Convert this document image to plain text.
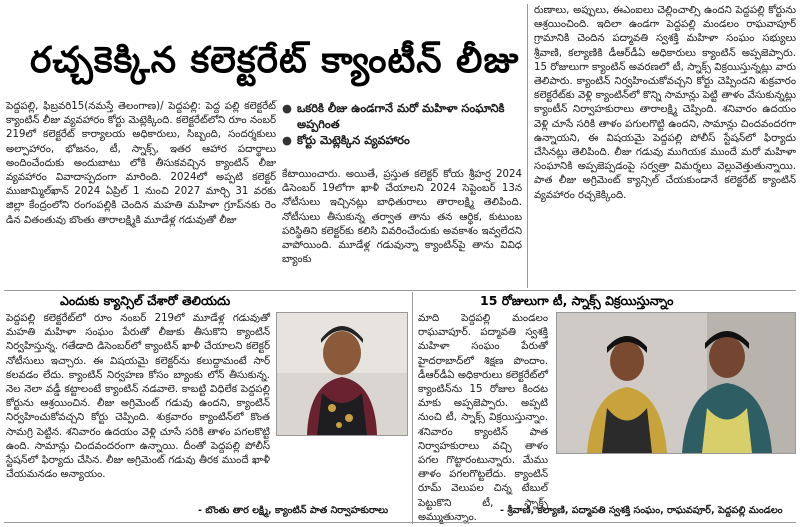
రచ్చకెక్కిన కలెక్టరేట్ క్యాంటీన్ లీజు
● ఒకరికి లీజు ఉండగానే మరో మహిళా సంఘానికి అప్పగింత
● కోర్టు మెట్లెక్కిన వ్యవహారం

పెద్దపల్లి, ఫిబ్రవరి15(నమస్తే తెలంగాణ)/ పెద్దపల్లి: పెద్ద పల్లి కలెక్టరేట్ క్యాంటిన్ లీజు వ్యవహారం కోర్టు మెట్లెక్కింది. కలెక్టరేట్‌లోని రూం నంబర్ 219లో కలెక్టరేట్ కార్యాలయ అధికారులు, సిబ్బంది, సందర్శకులు అల్పాహారం, భోజనం, టీ, స్నాక్స్, ఇతర ఆహార పదార్థాలు అందించేందుకు అందుబాటు లోకి తీసుకవచ్చిన క్యాంటిన్ లీజు వ్యవహారం వివాదాస్పదంగా మారింది. 2024లో అప్పటి కలెక్టర్ ముజామ్మిల్‌ఖాన్ 2024 ఏప్రిల్ 1 నుంచి 2027 మార్చి 31 వరకు జిల్లా కేంద్రంలోని రంగంపల్లికి చెందిన మహతి మహిళా గ్రూప్‌నకు రెం డిన వితంతువు బొంతు తారాలక్ష్మికి మూడేళ్ల గడువుతో లీజు

కేటాయించారు. అయితే, ప్రస్తుత కలెక్టర్ కోయ శ్రీహర్ష 2024 డిసెంబర్ 19లోగా ఖాళీ చేయాలని 2024 సెప్టెంబర్ 13న నోటీసులు ఇచ్చినట్లు బాధితురాలు తారాలక్ష్మి తెలిపింది. నోటీసులు తీసుకున్న తర్వాత తాను తన ఆర్థిక, కుటుంబ పరిస్థితిని కలెక్టర్‌కు కలిసి వివరించేందుకు అవకాశం ఇవ్వలేదని వాపోయింది. మూడేళ్ల గడువున్నా క్యాంటిన్‌పై తాను వివిధ బ్యాంకు

రుణాలు, అప్పులు, ఈఎంఐలు చెల్లించాల్సి ఉందని పెద్దపల్లి కోర్టును ఆశ్రయించింది. ఇదిలా ఉండగా పెద్దపల్లి మండలం రాఘవాపూర్ గ్రామానికి చెందిన పద్మావతి స్వశక్తి మహిళా సంఘం సభ్యులు శ్రీవాణి, కల్యాణికి డీఆర్‌డీఏ అధికారులు క్యాంటిన్ అప్పజెప్పారు. 15 రోజులుగా క్యాంటిన్ అవరణలో టీ, స్నాక్స్ విక్రయిస్తున్నట్లు వారు తెలిపారు. క్యాంటిన్ నిర్వహించుకోవచ్చని కోర్టు చెప్పిందని శుక్రవారం కలెక్టరేట్‌కు వెళ్లి క్యాంటిన్‌లో కొన్ని సామాన్లు పెట్టి తాళం వేసుకున్నట్లు క్యాంటీన్ నిర్వాహకురాలు తారాలక్ష్మి చెప్పింది. శనివారం ఉదయం వెళ్లి చూసే సరికి తాళం పగులగొట్టి ఉందని, సామాన్లు చిందవందరగా ఉన్నాయని, ఈ విషయమై పెద్దపల్లి పోలీస్ స్టేషన్‌లో ఫిర్యాదు చేసినట్లు తెలిపింది. లీజు గడువు ముగియక ముందే మరో మహిళా సంఘానికి అప్పజెప్పడంపై సర్వత్రా విమర్శలు వెల్లువెత్తుతున్నాయి. పాత లీజు అగ్రిమెంట్ క్యాన్సిల్ చేయకుండానే కలెక్టరేట్ క్యాంటిన్ వ్యవహారం రచ్చకెక్కింది.

ఎందుకు క్యాన్సిల్ చేశారో తెలియదు

పెద్దపల్లి కలెక్టరేట్‌లో రూం నంబర్ 219లో మూడేళ్ల గడువుతో మహతి మహిళా సంఘం పేరుతో లీజుకు తీసుకొని క్యాంటిన్ నిర్వహిస్తున్న. గతేడాది డిసెంబర్‌లో క్యాంటిన్ ఖాళీ చేయాలని కలెక్టర్ నోటీసులు ఇచ్చారు. ఈ విషయమై కలెక్టర్‌ను కలుద్దామంటే సార్ కలవడం లేదు. క్యాంటిన్ నిర్వహణ కోసం బ్యాంకు లోన్ తీసుకున్న. నెల నెలా వడ్డీ కట్టాలంటే క్యాంటిన్ నడవాలె. కాబట్టి విధిలేక పెద్దపల్లి కోర్టును ఆశ్రయించిన. లీజు అగ్రిమెంట్ గడువు ఉందని, క్యాంటిన్ నిర్వహించుకోవచ్చని కోర్టు చెప్పింది. శుక్రవారం క్యాంటిన్‌లో కొంత సామగ్రి పెట్టిన. శనివారం ఉదయం వెళ్లి చూసే సరికి తాళం పగలకొట్టి ఉంది. సామాన్లు చిందవందరంగా ఉన్నాయి. దీంతో పెద్దపల్లి పోలీస్ స్టేషన్‌లో ఫిర్యాదు చేసిన. లీజు అగ్రిమెంట్ గడువు తీరక ముందే ఖాళీ చేయమనడం అన్యాయం.

- బొంతు తార లక్ష్మి, క్యాంటిన్ పాత నిర్వాహకురాలు
15 రోజులుగా టీ, స్నాక్స్ విక్రయిస్తున్నాం

మాది పెద్దపల్లి మండలం రాఘవాపూర్. పద్మావతి స్వశక్తి మహిళా సంఘం పేరుతో హైదరాబాద్‌లో శిక్షణ పొందాం. డీఆర్‌డీఏ అధికారులు కలెక్టరేట్‌లో క్యాంటిన్‌ను 15 రోజుల కిందట మాకు అప్పజెప్పారు. అప్పటి నుంచి టీ, స్నాక్స్ విక్రయిస్తున్నాం. శనివారం క్యాంటిన్ పాత నిర్వాహకురాలు వచ్చి తాళం పగల గొట్టారంటున్నారు. మేము తాళం పగలగొట్టలేదు. క్యాంటిన్ రూమ్ వెలుపల చిన్న టేబుల్ పెట్టుకొని టీ, స్నాక్స్ అమ్ముతున్నాం.

- శ్రీవాణి, కల్యాణి, పద్మావతి స్వశక్తి సంఘం, రాఘవపూర్, పెద్దపల్లి మండలం
